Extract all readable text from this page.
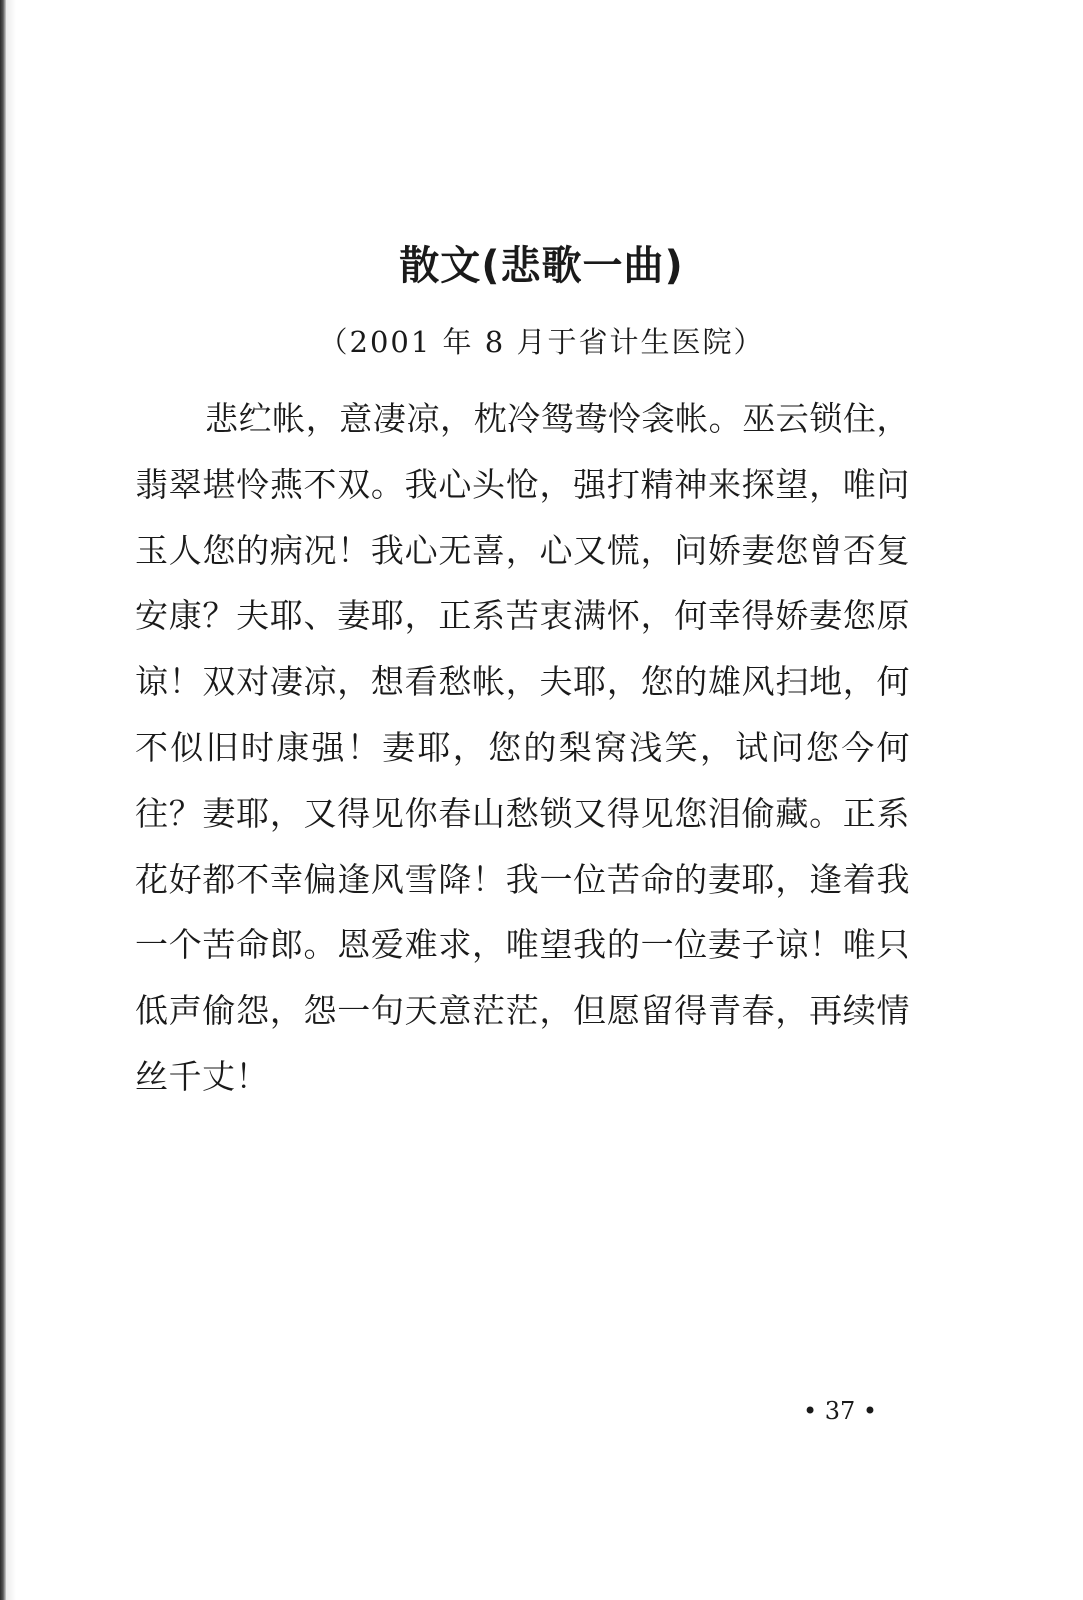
散文(悲歌一曲)
（2001 年 8 月于省计生医院）

悲纻帐，意凄凉，枕冷鸳鸯怜衾帐。巫云锁住，翡翠堪怜燕不双。我心头怆，强打精神来探望，唯问玉人您的病况！我心无喜，心又慌，问娇妻您曾否复安康？夫耶、妻耶，正系苦衷满怀，何幸得娇妻您原谅！双对凄凉，想看愁帐，夫耶，您的雄风扫地，何不似旧时康强！妻耶，您的梨窝浅笑，试问您今何往？妻耶，又得见你春山愁锁又得见您泪偷藏。正系花好都不幸偏逢风雪降！我一位苦命的妻耶，逢着我一个苦命郎。恩爱难求，唯望我的一位妻子谅！唯只低声偷怨，怨一句天意茫茫，但愿留得青春，再续情丝千丈！

• 37 •
